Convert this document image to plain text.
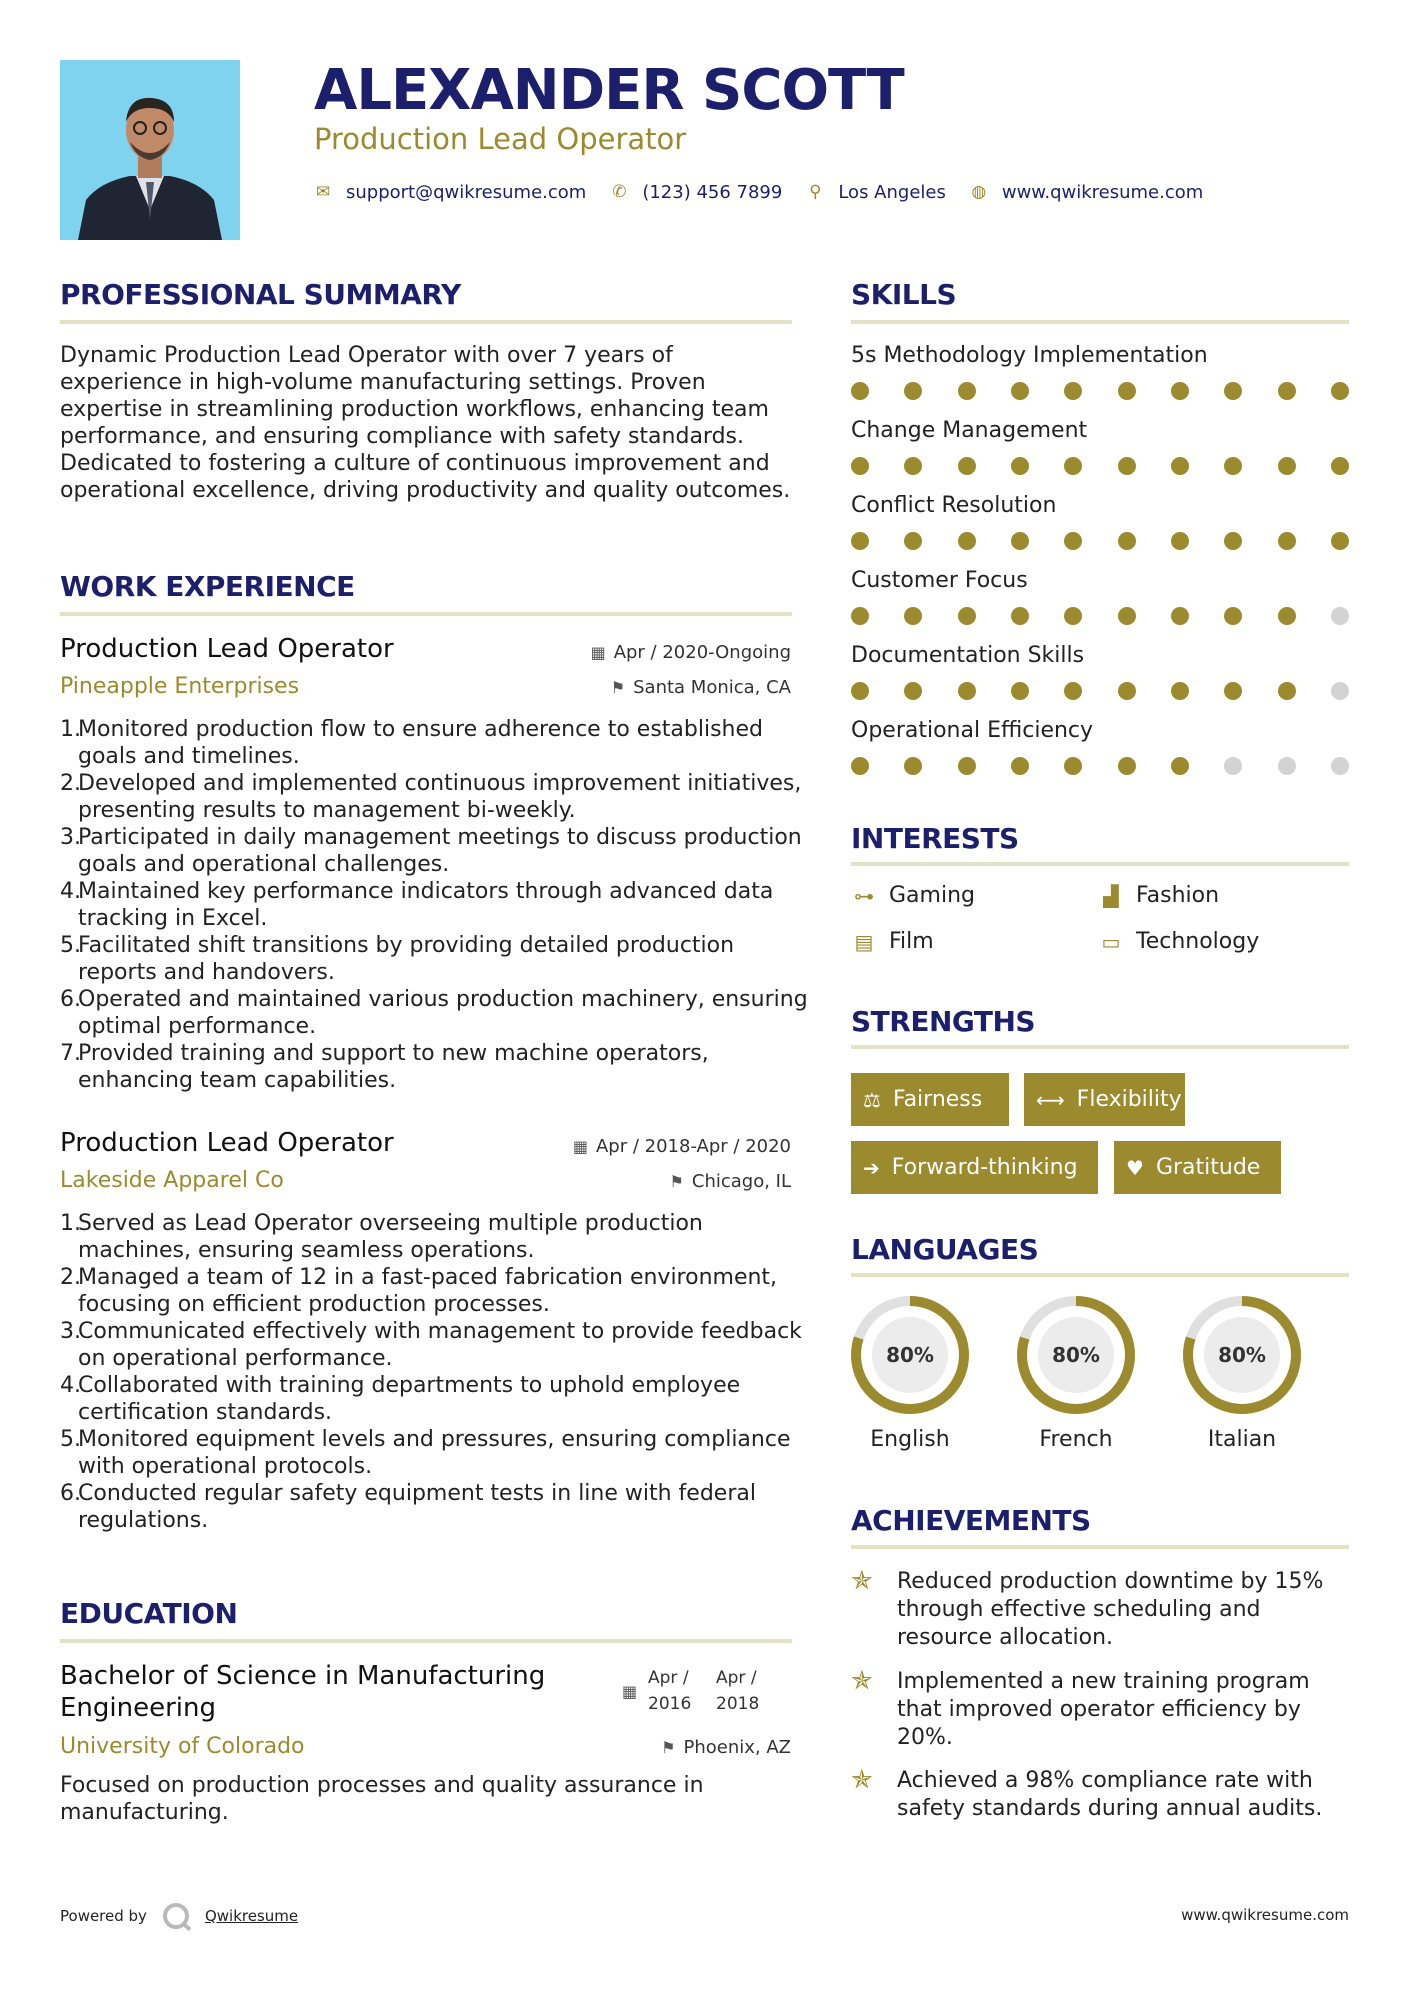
ALEXANDER SCOTT
Production Lead Operator
✉ support@qwikresume.com ✆ (123) 456 7899 ⚲ Los Angeles ◍ www.qwikresume.com
PROFESSIONAL SUMMARY
Dynamic Production Lead Operator with over 7 years of experience in high-volume manufacturing settings. Proven expertise in streamlining production workflows, enhancing team performance, and ensuring compliance with safety standards. Dedicated to fostering a culture of continuous improvement and operational excellence, driving productivity and quality outcomes.
WORK EXPERIENCE
Production Lead Operator	▦ Apr / 2020-Ongoing
Pineapple Enterprises	⚑ Santa Monica, CA
1.
Monitored production flow to ensure adherence to established goals and timelines.
2.
Developed and implemented continuous improvement initiatives, presenting results to management bi-weekly.
3.
Participated in daily management meetings to discuss production goals and operational challenges.
4.
Maintained key performance indicators through advanced data tracking in Excel.
5.
Facilitated shift transitions by providing detailed production reports and handovers.
6.
Operated and maintained various production machinery, ensuring optimal performance.
7.
Provided training and support to new machine operators, enhancing team capabilities.
Production Lead Operator	▦ Apr / 2018-Apr / 2020
Lakeside Apparel Co	⚑ Chicago, IL
1.
Served as Lead Operator overseeing multiple production machines, ensuring seamless operations.
2.
Managed a team of 12 in a fast-paced fabrication environment, focusing on efficient production processes.
3.
Communicated effectively with management to provide feedback on operational performance.
4.
Collaborated with training departments to uphold employee certification standards.
5.
Monitored equipment levels and pressures, ensuring compliance with operational protocols.
6.
Conducted regular safety equipment tests in line with federal regulations.
EDUCATION
Bachelor of Science in Manufacturing
Engineering
▦
Apr /
2016
Apr /
2018
University of Colorado	⚑ Phoenix, AZ
Focused on production processes and quality assurance in manufacturing.
SKILLS
5s Methodology Implementation
Change Management
Conflict Resolution
Customer Focus
Documentation Skills
Operational Efficiency
INTERESTS
⊶ Gaming	▟ Fashion
▤ Film	▭ Technology
STRENGTHS
⚖ Fairness	⟷ Flexibility
➔ Forward-thinking ♥ Gratitude
LANGUAGES
80%
English
80%
French
80%
Italian
ACHIEVEMENTS
✯	Reduced production downtime by 15% through effective scheduling and resource allocation.
✯	Implemented a new training program that improved operator efficiency by 20%.
✯	Achieved a 98% compliance rate with safety standards during annual audits.
Powered by	Qwikresume	www.qwikresume.com
